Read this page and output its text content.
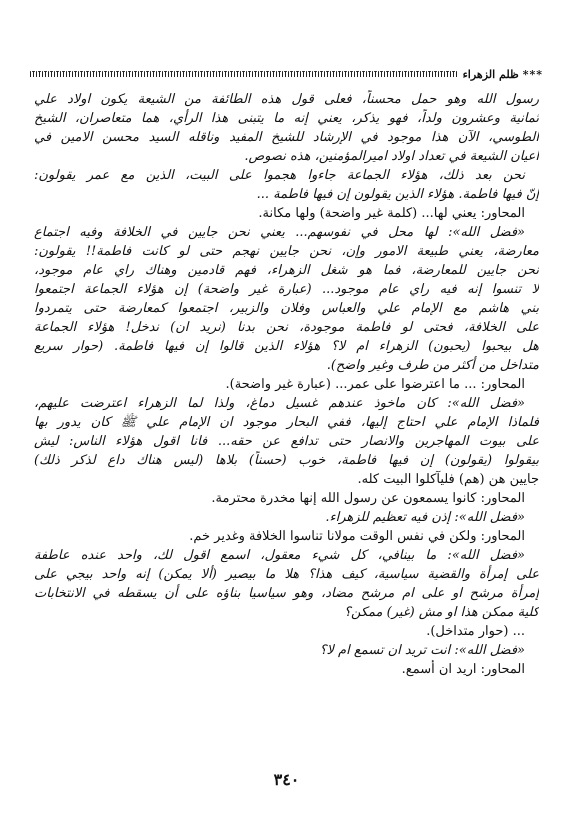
***
ظلم الزهراء
رسول الله وهو حمل محسناً، فعلى قول هذه الطائفة من الشيعة يكون اولاد علي
ثمانية وعشرون ولداً، فهو يذكر، يعني إنه ما يتبنى هذا الرأي، هما متعاصران، الشيخ
الطوسي، الآن هذا موجود في الإرشاد للشيخ المفيد وناقله السيد محسن الامين في
اعيان الشيعة في تعداد اولاد اميرالمؤمنين، هذه نصوص.
نحن بعد ذلك، هؤلاء الجماعة جاءوا هجموا على البيت، الذين مع عمر يقولون:
إنّ فيها فاطمة. هؤلاء الذين يقولون إن فيها فاطمة ...
المحاور: يعني لها... (كلمة غير واضحة) ولها مكانة.
«فضل الله»: لها محل في نفوسهم... يعني نحن جايين في الخلافة وفيه اجتماع
معارضة، يعني طبيعة الامور وإن، نحن جايين نهجم حتى لو كانت فاطمة!! يقولون:
نحن جايين للمعارضة، فما هو شغل الزهراء، فهم قادمين وهناك راي عام موجود،
لا تنسوا إنه فيه راي عام موجود... (عبارة غير واضحة) إن هؤلاء الجماعة اجتمعوا
بني هاشم مع الإمام علي والعباس وفلان والزبير، اجتمعوا كمعارضة حتى يتمردوا
على الخلافة، فحتى لو فاطمة موجودة، نحن بدنا (نريد ان) ندخل! هؤلاء الجماعة
هل بيحبوا (يحبون) الزهراء ام لا؟ هؤلاء الذين قالوا إن فيها فاطمة. (حوار سريع
متداخل من أكثر من طرف وغير واضح).
المحاور: ... ما اعترضوا على عمر... (عبارة غير واضحة).
«فضل الله»: كان ماخوذ عندهم غسيل دماغ، ولذا لما الزهراء اعترضت عليهم،
فلماذا الإمام علي احتاج إليها، ففي البحار موجود ان الإمام علي ﷺ كان يدور بها
على بيوت المهاجرين والانصار حتى تدافع عن حقه... فانا اقول هؤلاء الناس: ليش
بيقولوا (يقولون) إن فيها فاطمة، خوب (حسناً) بلاها (ليس هناك داع لذكر ذلك)
جايين هن (هم) فليآكلوا البيت كله.
المحاور: كانوا يسمعون عن رسول الله إنها مخدرة محترمة.
«فضل الله»: إذن فيه تعظيم للزهراء.
المحاور: ولكن في نفس الوقت مولانا تناسوا الخلافة وغدير خم.
«فضل الله»: ما بينافي، كل شيء معقول، اسمع اقول لك، واحد عنده عاطفة
على إمرأة والقضية سياسية، كيف هذا؟ هلا ما بيصير (ألا يمكن) إنه واحد بيجي على
إمرأة مرشح او على ام مرشح مضاد، وهو سياسيا بناؤه على أن يسقطه في الانتخابات
كلية ممكن هذا او مش (غير) ممكن؟
... (حوار متداخل).
«فضل الله»: انت تريد ان تسمع ام لا؟
المحاور: اريد ان أسمع.
٣٤٠
